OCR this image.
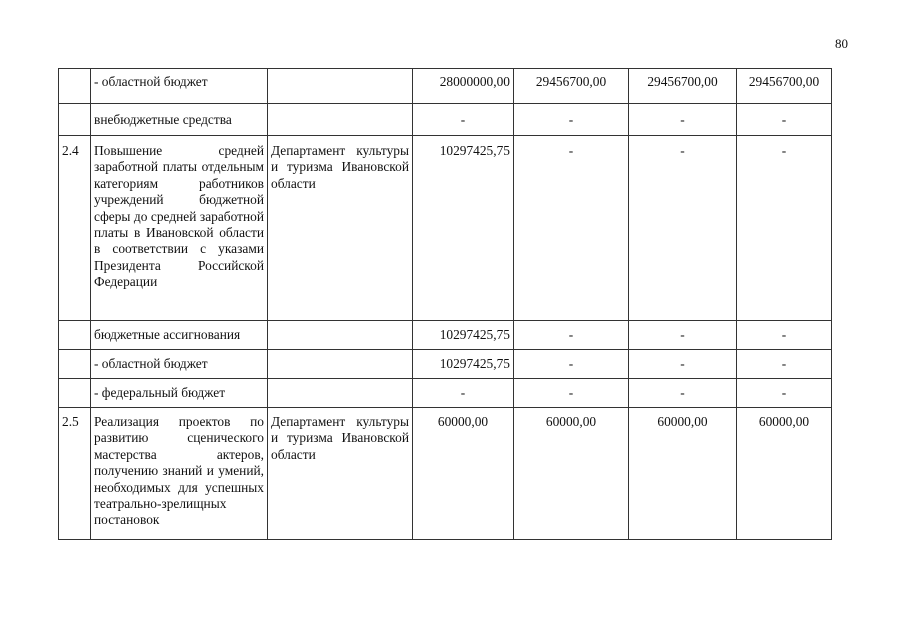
80
	- областной бюджет		28000000,00	29456700,00	29456700,00	29456700,00
	внебюджетные средства		-	-	-	-
2.4	Повышение средней заработной платы отдельным категориям работников учреждений бюджетной сферы до средней заработной платы в Ивановской области в соответствии с указами Президента Российской Федерации	Департамент культуры и туризма Ивановской области	10297425,75	-	-	-
	бюджетные ассигнования		10297425,75	-	-	-
	- областной бюджет		10297425,75	-	-	-
	- федеральный бюджет		-	-	-	-
2.5	Реализация проектов по развитию сценического мастерства актеров, получению знаний и умений, необходимых для успешных театрально-зрелищных постановок	Департамент культуры и туризма Ивановской области	60000,00	60000,00	60000,00	60000,00
